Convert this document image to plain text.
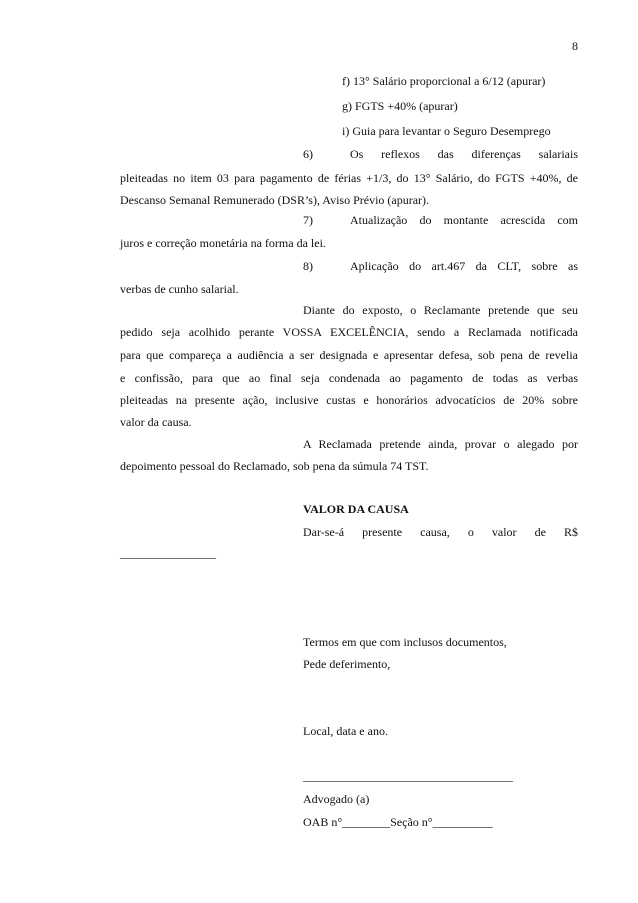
8
f) 13° Salário proporcional a 6/12 (apurar)
g) FGTS +40% (apurar)
i) Guia para levantar o Seguro Desemprego
6)	Os reflexos das diferenças salariais
pleiteadas no item 03 para pagamento de férias +1/3, do 13° Salário, do FGTS +40%, de
Descanso Semanal Remunerado (DSR’s), Aviso Prévio (apurar).
7)	Atualização do montante acrescida com
juros e correção monetária na forma da lei.
8)	Aplicação do art.467 da CLT, sobre as
verbas de cunho salarial.
Diante do exposto, o Reclamante pretende que seu
pedido seja acolhido perante VOSSA EXCELÊNCIA, sendo a Reclamada notificada
para que compareça a audiência a ser designada e apresentar defesa, sob pena de revelia
e confissão, para que ao final seja condenada ao pagamento de todas as verbas
pleiteadas na presente ação, inclusive custas e honorários advocatícios de 20% sobre
valor da causa.
A Reclamada pretende ainda, provar o alegado por
depoimento pessoal do Reclamado, sob pena da súmula 74 TST.
VALOR DA CAUSA
Dar-se-á presente causa, o valor de R$
________________
Termos em que com inclusos documentos,
Pede deferimento,
Local, data e ano.
___________________________________
Advogado (a)
OAB n°________Seção n°__________
